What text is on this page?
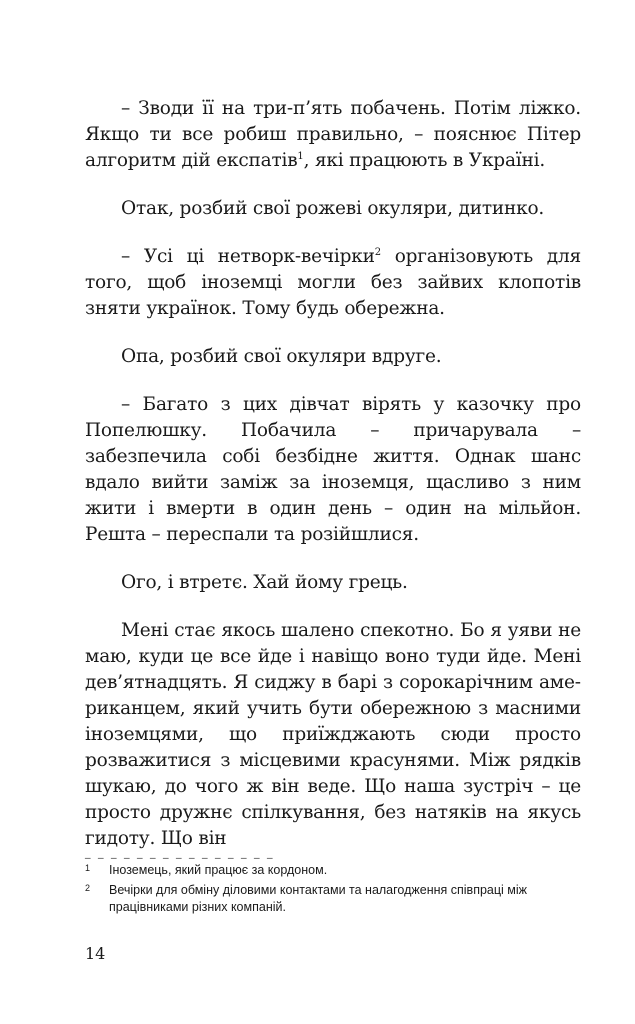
– Зводи її на три-п’ять побачень. Потім ліжко. Якщо ти все робиш правильно, – пояснює Пітер алгоритм дій експатів$^1$, які працюють в Україні.

Отак, розбий свої рожеві окуляри, дитинко.

– Усі ці нетворк-вечірки$^2$ організовують для того, щоб іноземці могли без зайвих клопотів зняти українок. Тому будь обережна.

Опа, розбий свої окуляри вдруге.

– Багато з цих дівчат вірять у казочку про Попелюшку. Побачила – причарувала – забезпечила собі безбідне життя. Однак шанс вдало вийти заміж за іноземця, щасливо з ним жити і вмерти в один день – один на мільйон. Решта – переспали та розійшлися.

Ого, і втретє. Хай йому грець.

Мені стає якось шалено спекотно. Бо я уяви не маю, куди це все йде і навіщо воно туди йде. Мені дев’ятнадцять. Я сиджу в барі з сорокарічним американцем, який учить бути обережною з масними іноземцями, що приїжджають сюди просто розважитися з місцевими красунями. Між рядків шукаю, до чого ж він веде. Що наша зустріч – це просто дружнє спілкування, без натяків на якусь гидоту. Що він

_ _ _ _ _ _ _ _ _ _ _ _ _ _ _
1	Іноземець, який працює за кордоном.
2	Вечірки для обміну діловими контактами та налагодження співпраці між працівниками різних компаній.
14
